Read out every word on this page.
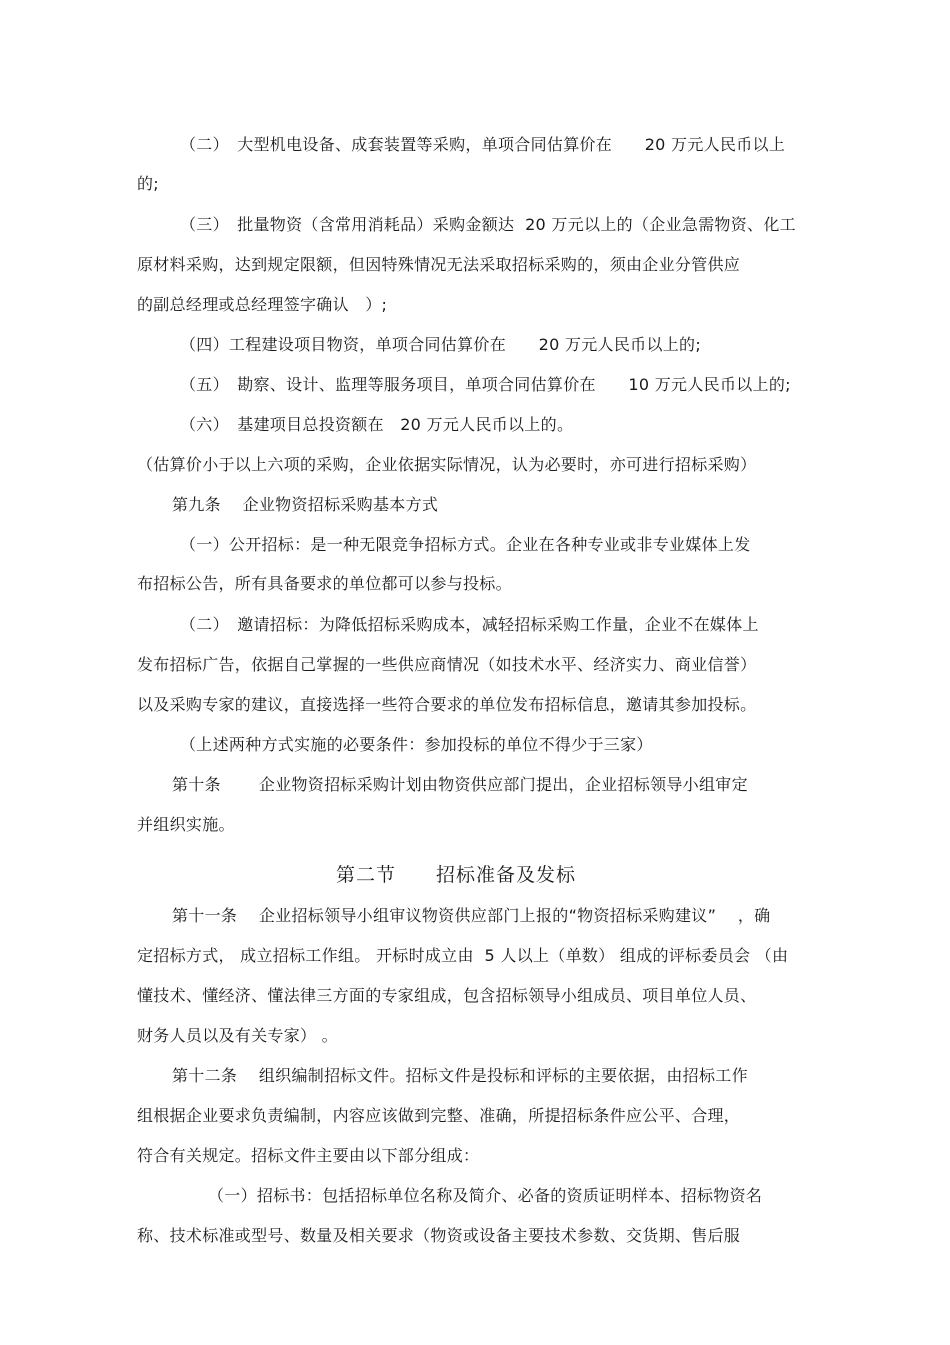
（二）　大型机电设备、成套装置等采购，单项合同估算价在　　20 万元人民币以上
的;
（三）　批量物资（含常用消耗品）采购金额达  20 万元以上的（企业急需物资、化工
原材料采购，达到规定限额，但因特殊情况无法采取招标采购的，须由企业分管供应
的副总经理或总经理签字确认　）;
（四）工程建设项目物资，单项合同估算价在　　20 万元人民币以上的;
（五）　勘察、设计、监理等服务项目，单项合同估算价在　　10 万元人民币以上的;
（六）　基建项目总投资额在　20 万元人民币以上的。
（估算价小于以上六项的采购，企业依据实际情况，认为必要时，亦可进行招标采购）
第九条　 企业物资招标采购基本方式
（一）公开招标：是一种无限竞争招标方式。企业在各种专业或非专业媒体上发
布招标公告，所有具备要求的单位都可以参与投标。
（二）　邀请招标：为降低招标采购成本，减轻招标采购工作量，企业不在媒体上
发布招标广告，依据自己掌握的一些供应商情况（如技术水平、经济实力、商业信誉）
以及采购专家的建议，直接选择一些符合要求的单位发布招标信息，邀请其参加投标。
（上述两种方式实施的必要条件：参加投标的单位不得少于三家）
第十条　　 企业物资招标采购计划由物资供应部门提出，企业招标领导小组审定
并组织实施。
第二节　　招标准备及发标
第十一条　 企业招标领导小组审议物资供应部门上报的“物资招标采购建议”　 ，确
定招标方式， 成立招标工作组。 开标时成立由  5 人以上（单数） 组成的评标委员会 （由
懂技术、懂经济、懂法律三方面的专家组成，包含招标领导小组成员、项目单位人员、
财务人员以及有关专家） 。
第十二条　 组织编制招标文件。招标文件是投标和评标的主要依据，由招标工作
组根据企业要求负责编制，内容应该做到完整、准确，所提招标条件应公平、合理，
符合有关规定。招标文件主要由以下部分组成：
（一）招标书：包括招标单位名称及简介、必备的资质证明样本、招标物资名
称、技术标准或型号、数量及相关要求（物资或设备主要技术参数、交货期、售后服
